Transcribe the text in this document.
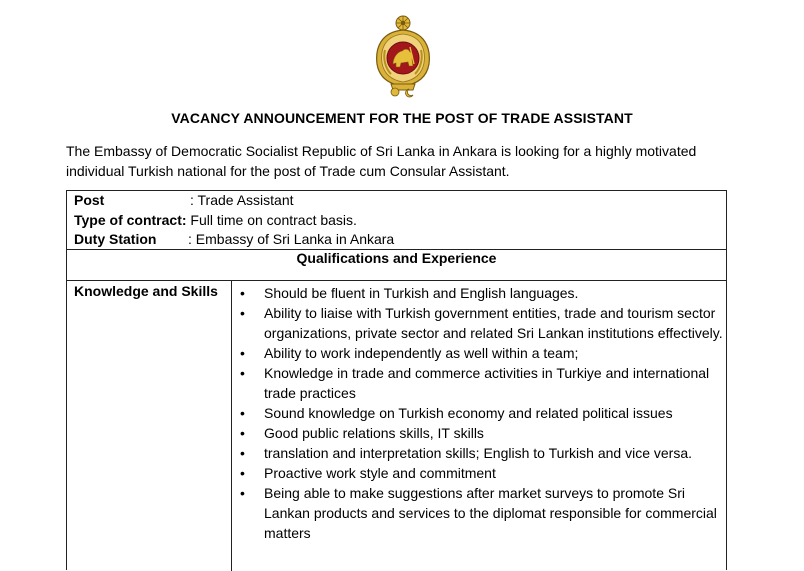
VACANCY ANNOUNCEMENT FOR THE POST OF TRADE ASSISTANT
The Embassy of Democratic Socialist Republic of Sri Lanka in Ankara is looking for a highly motivated individual Turkish national for the post of Trade cum Consular Assistant.
Post	: Trade Assistant
Type of contract: Full time on contract basis.
Duty Station : Embassy of Sri Lanka in Ankara
Qualifications and Experience
Knowledge and Skills • Should be fluent in Turkish and English languages.
• Ability to liaise with Turkish government entities, trade and tourism sector organizations, private sector and related Sri Lankan institutions effectively.
• Ability to work independently as well within a team;
• Knowledge in trade and commerce activities in Turkiye and international trade practices
• Sound knowledge on Turkish economy and related political issues
• Good public relations skills, IT skills
• translation and interpretation skills; English to Turkish and vice versa.
• Proactive work style and commitment
• Being able to make suggestions after market surveys to promote Sri Lankan products and services to the diplomat responsible for commercial matters
